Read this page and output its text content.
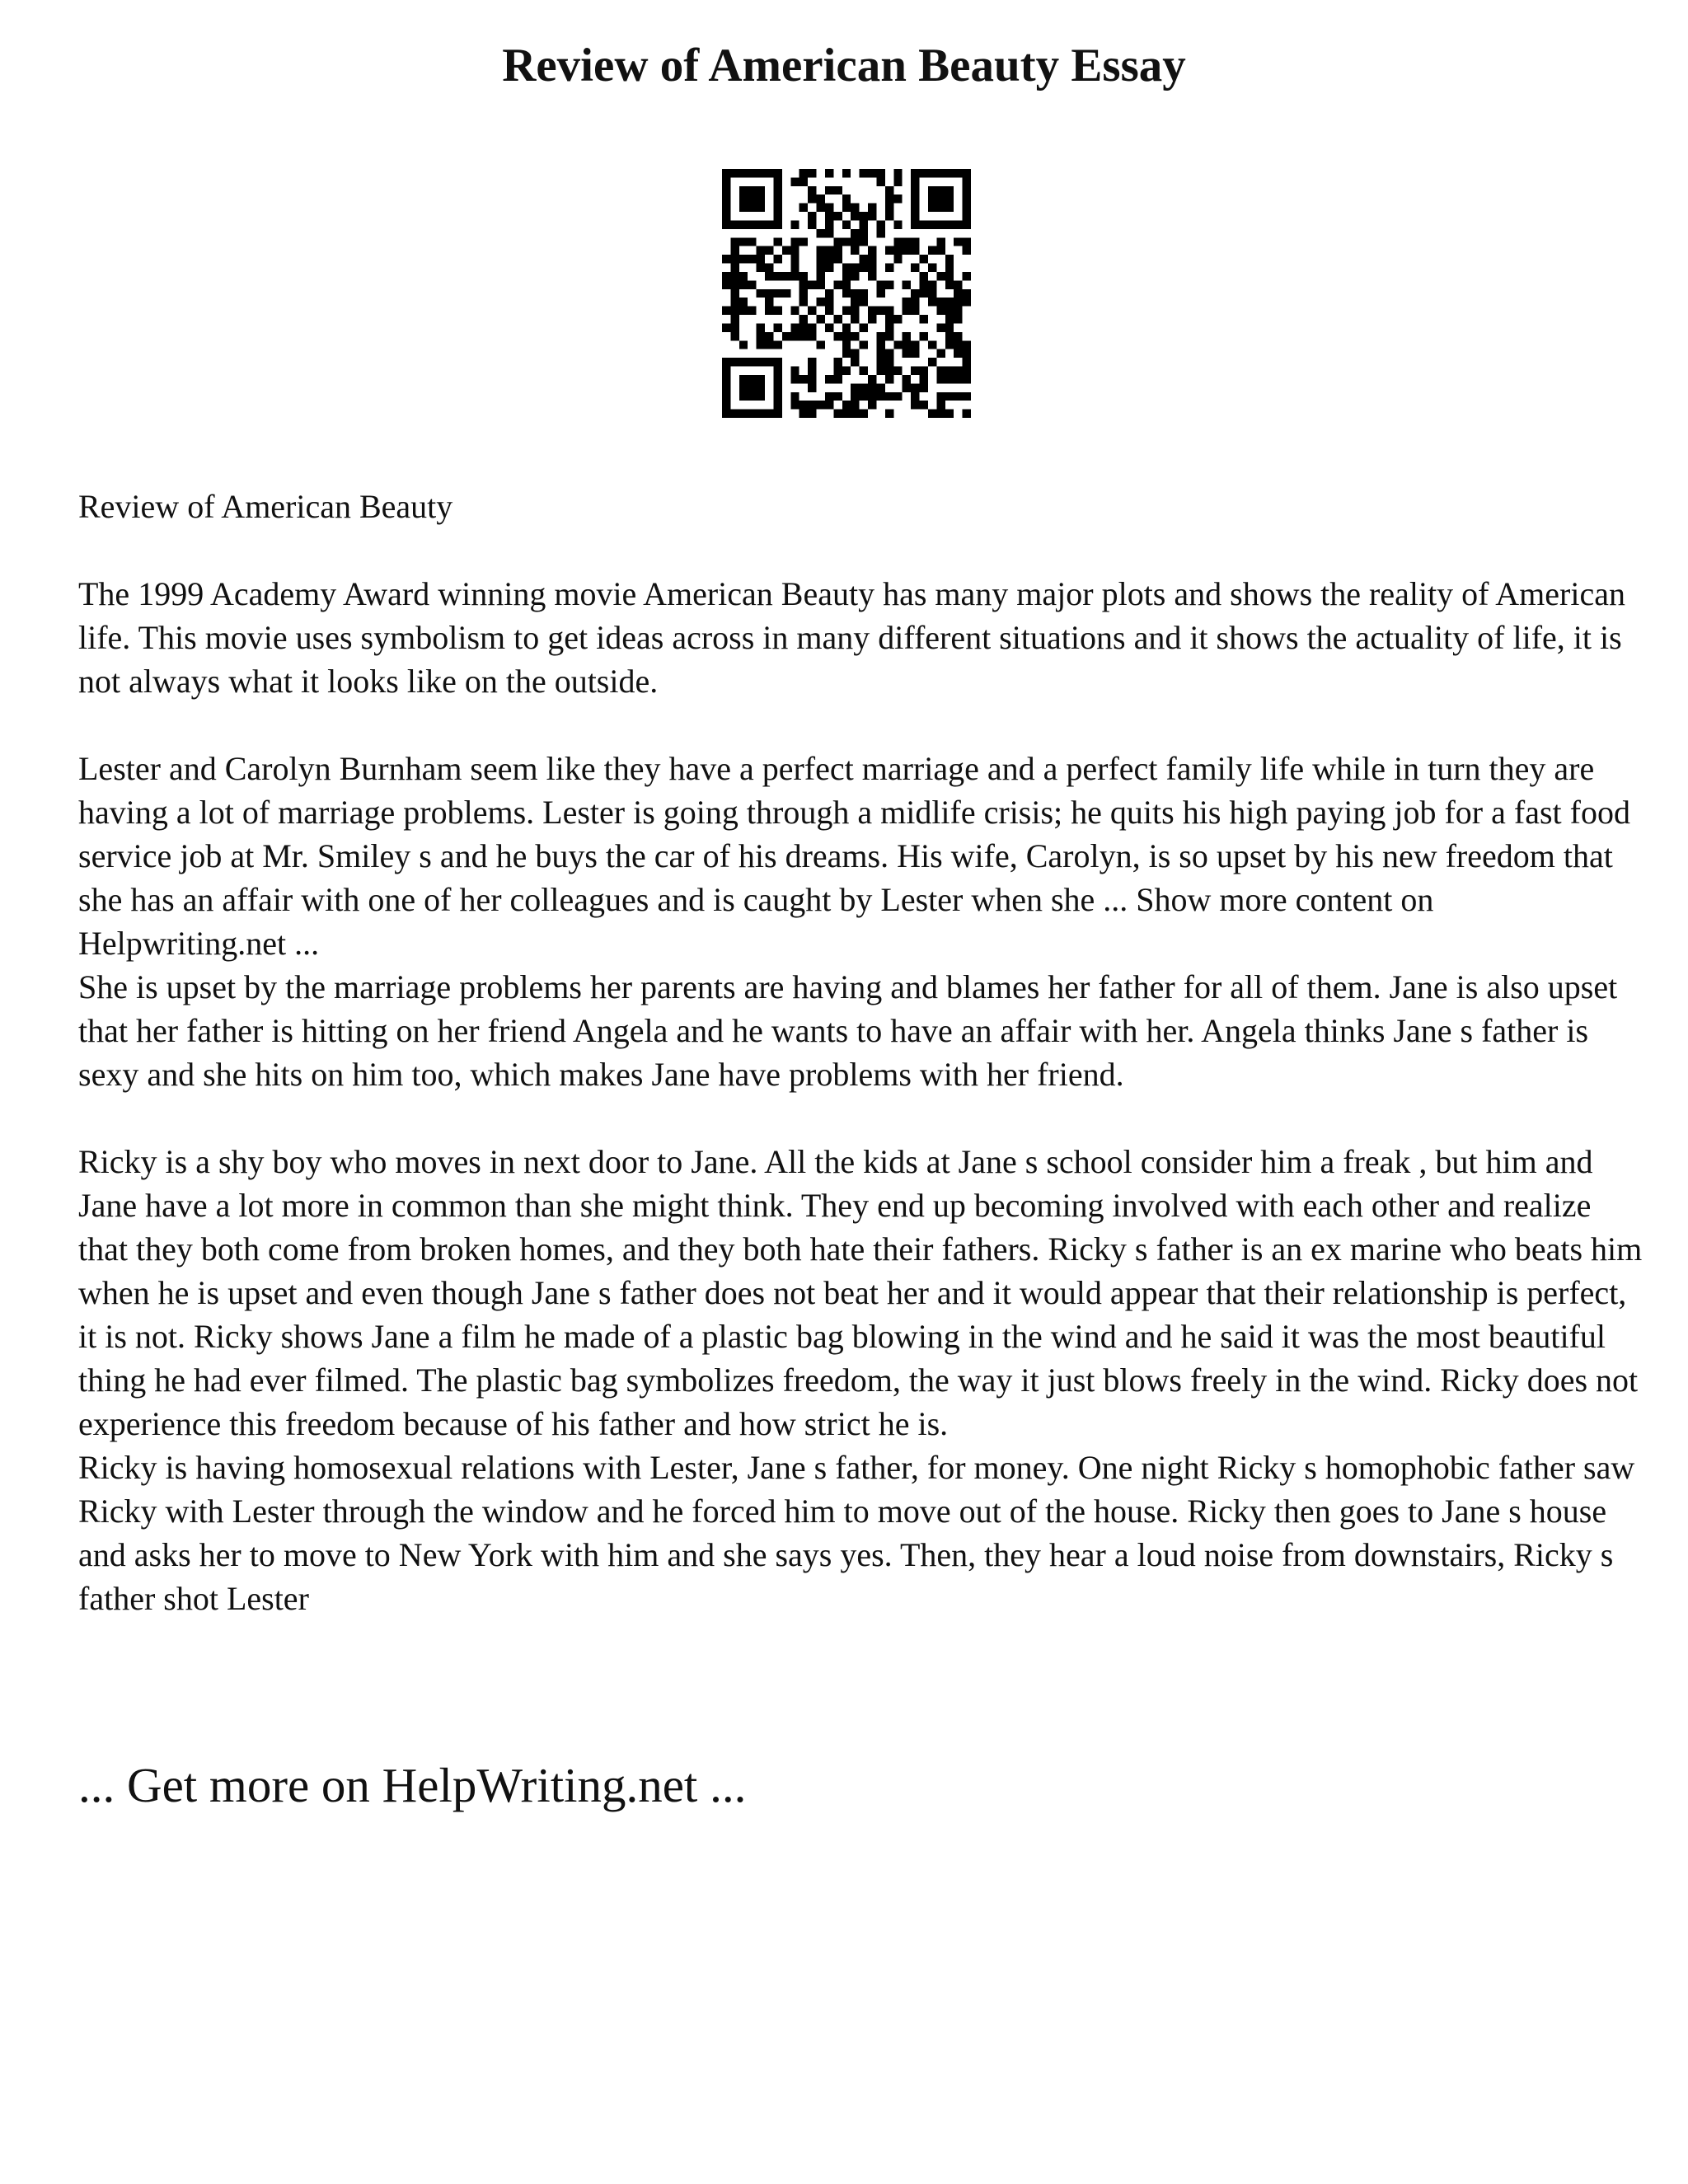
Review of American Beauty Essay

Review of American Beauty

The 1999 Academy Award winning movie American Beauty has many major plots and shows the reality of American life. This movie uses symbolism to get ideas across in many different situations and it shows the actuality of life, it is not always what it looks like on the outside.

Lester and Carolyn Burnham seem like they have a perfect marriage and a perfect family life while in turn they are having a lot of marriage problems. Lester is going through a midlife crisis; he quits his high paying job for a fast food service job at Mr. Smiley s and he buys the car of his dreams. His wife, Carolyn, is so upset by his new freedom that she has an affair with one of her colleagues and is caught by Lester when she ... Show more content on Helpwriting.net ...

She is upset by the marriage problems her parents are having and blames her father for all of them. Jane is also upset that her father is hitting on her friend Angela and he wants to have an affair with her. Angela thinks Jane s father is sexy and she hits on him too, which makes Jane have problems with her friend.

Ricky is a shy boy who moves in next door to Jane. All the kids at Jane s school consider him a freak , but him and Jane have a lot more in common than she might think. They end up becoming involved with each other and realize that they both come from broken homes, and they both hate their fathers. Ricky s father is an ex marine who beats him when he is upset and even though Jane s father does not beat her and it would appear that their relationship is perfect, it is not. Ricky shows Jane a film he made of a plastic bag blowing in the wind and he said it was the most beautiful thing he had ever filmed. The plastic bag symbolizes freedom, the way it just blows freely in the wind. Ricky does not experience this freedom because of his father and how strict he is.

Ricky is having homosexual relations with Lester, Jane s father, for money. One night Ricky s homophobic father saw Ricky with Lester through the window and he forced him to move out of the house. Ricky then goes to Jane s house and asks her to move to New York with him and she says yes. Then, they hear a loud noise from downstairs, Ricky s father shot Lester

... Get more on HelpWriting.net ...
